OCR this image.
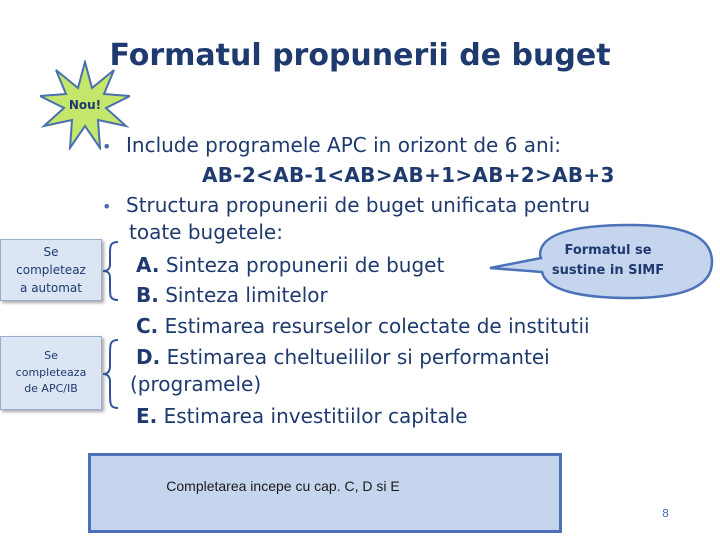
Formatul propunerii de buget
Nou!
Se
completeaz
a automat
Se
completeaza
de APC/IB
Formatul se
sustine in SIMF
• Include programele APC in orizont de 6 ani:
AB-2<AB-1<AB>AB+1>AB+2>AB+3
• Structura propunerii de buget unificata pentru
toate bugetele:
A. Sinteza propunerii de buget
B. Sinteza limitelor
C. Estimarea resurselor colectate de institutii
D. Estimarea cheltueililor si performantei
(programele)
E. Estimarea investitiilor capitale
Completarea incepe cu cap. C, D si E
8
